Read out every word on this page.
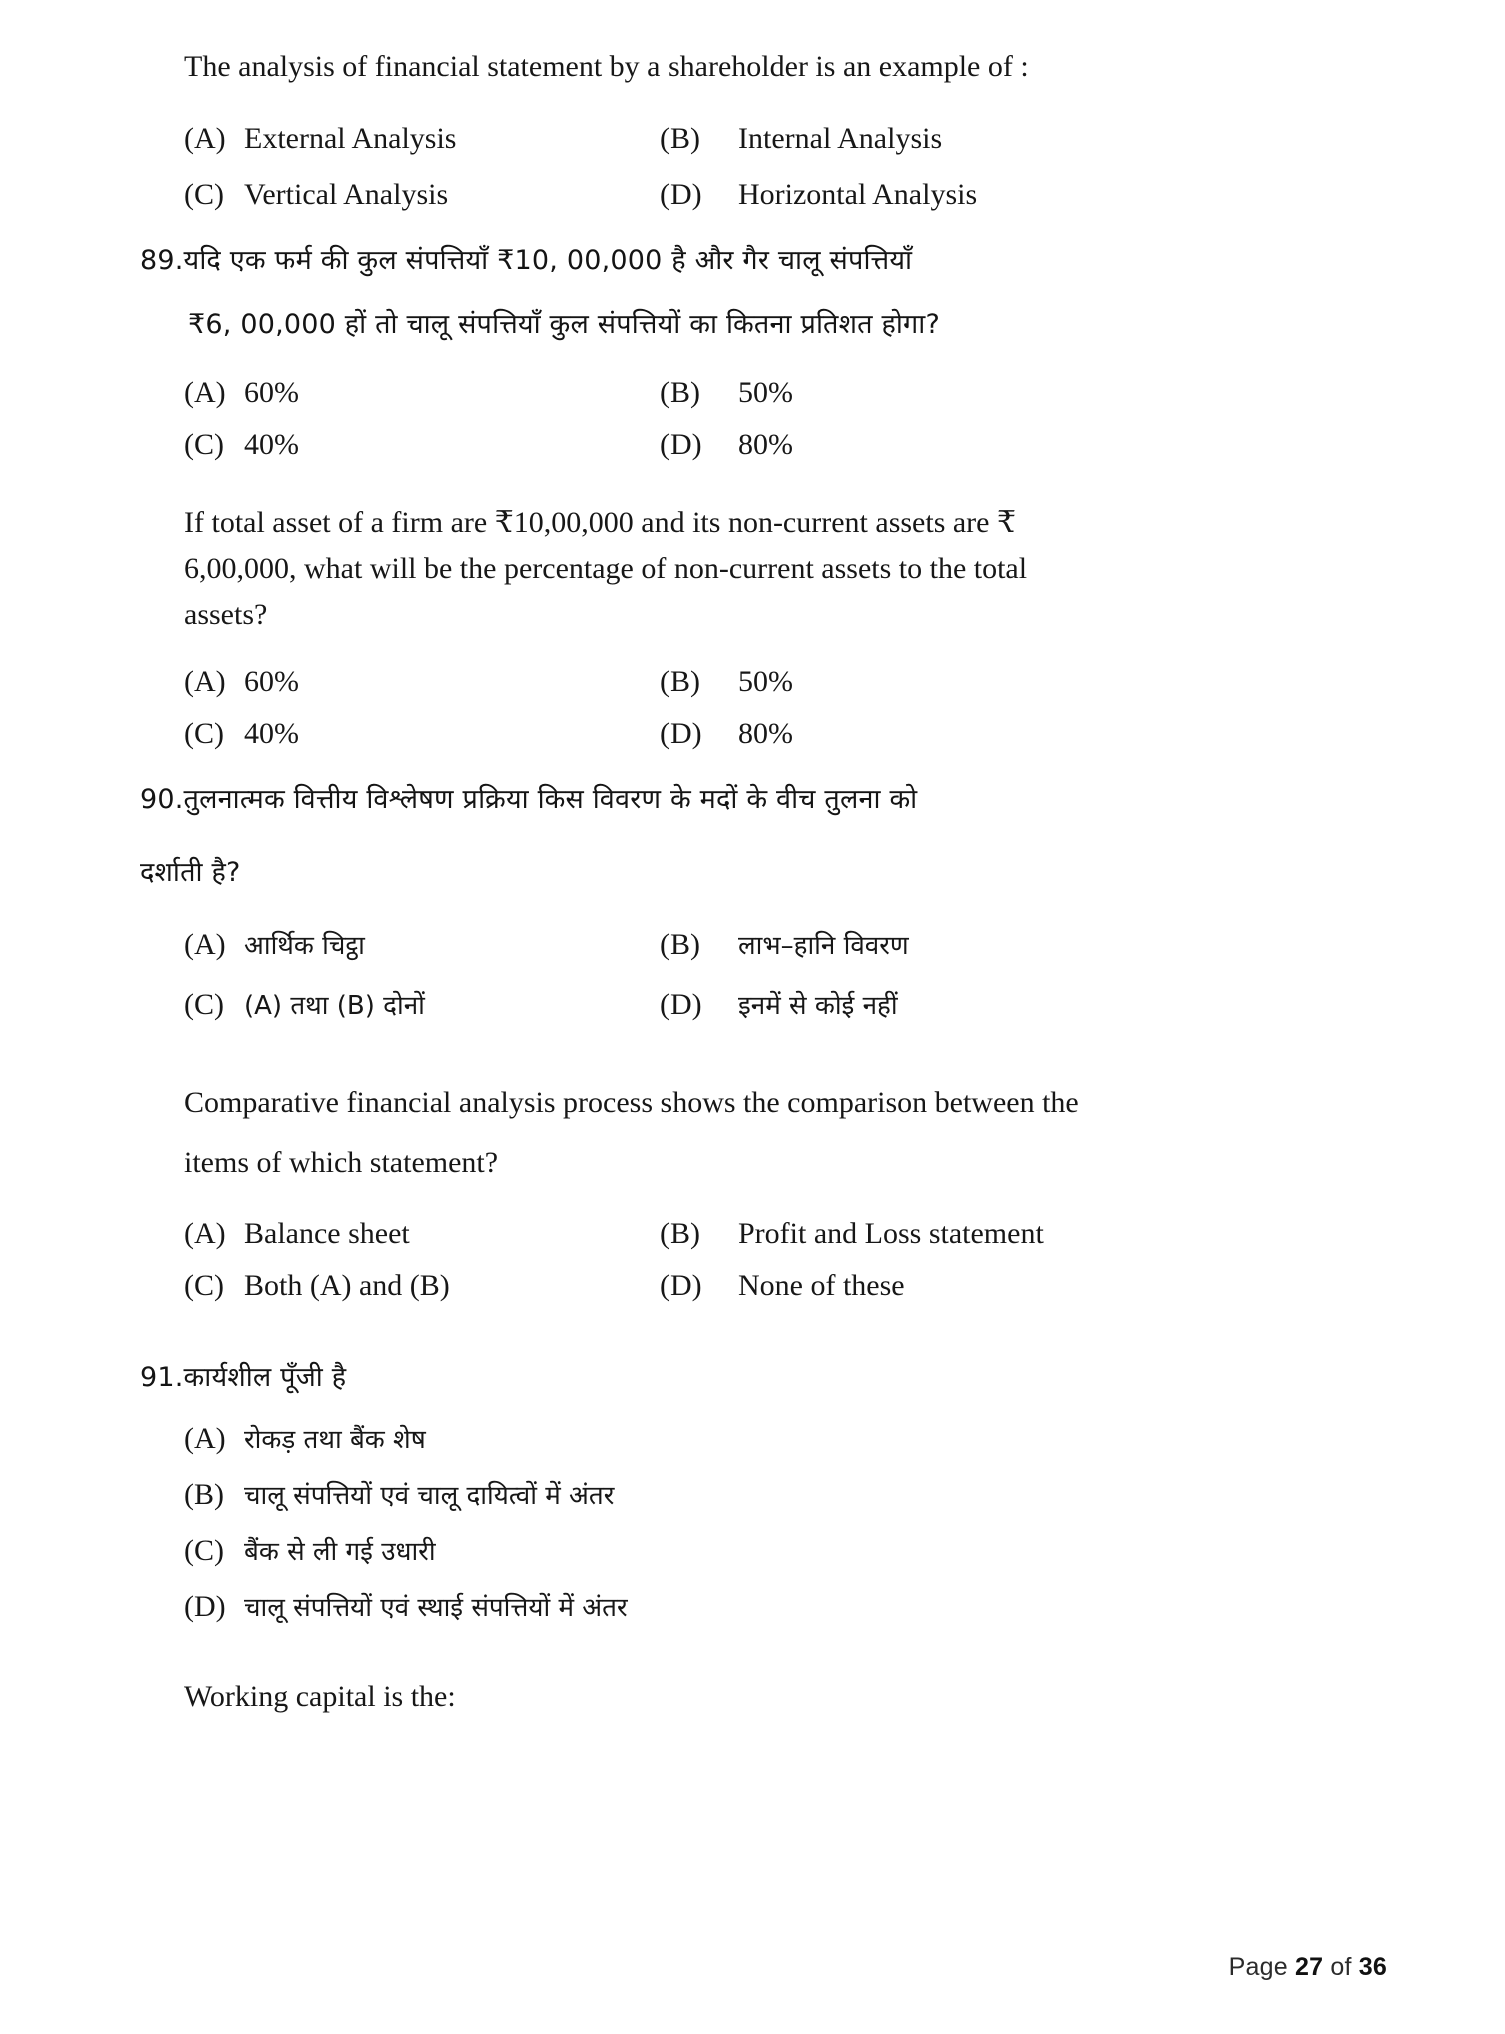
The analysis of financial statement by a shareholder is an example of :

(A) External Analysis	(B)	Internal Analysis
(C) Vertical Analysis	(D)	Horizontal Analysis

89.यदि एक फर्म की कुल संपत्तियाँ ₹10, 00,000 है और गैर चालू संपत्तियाँ

₹6, 00,000 हों तो चालू संपत्तियाँ कुल संपत्तियों का कितना प्रतिशत होगा?

(A) 60%	(B)	50%
(C) 40%	(D)	80%

If total asset of a firm are ₹10,00,000 and its non-current assets are ₹

6,00,000, what will be the percentage of non-current assets to the total

assets?

(A) 60%	(B)	50%
(C) 40%	(D)	80%

90.तुलनात्मक वित्तीय विश्लेषण प्रक्रिया किस विवरण के मदों के वीच तुलना को

दर्शाती है?

(A) आर्थिक चिट्ठा	(B)	लाभ–हानि विवरण
(C) (A) तथा (B) दोनों	(D)	इनमें से कोई नहीं

Comparative financial analysis process shows the comparison between the

items of which statement?

(A) Balance sheet	(B)	Profit and Loss statement
(C) Both (A) and (B)	(D)	None of these

91.कार्यशील पूँजी है

(A) रोकड़ तथा बैंक शेष
(B) चालू संपत्तियों एवं चालू दायित्वों में अंतर
(C) बैंक से ली गई उधारी
(D) चालू संपत्तियों एवं स्थाई संपत्तियों में अंतर

Working capital is the:

Page 27 of 36
